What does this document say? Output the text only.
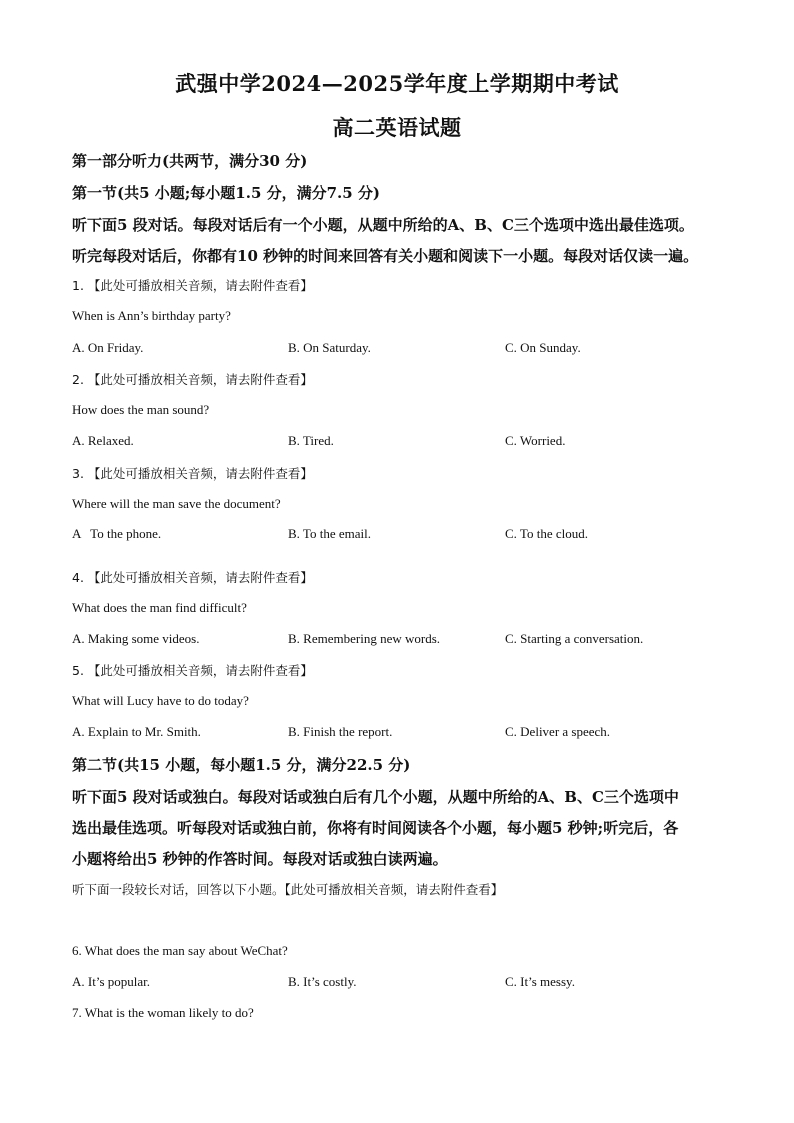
武强中学2024—2025学年度上学期期中考试
高二英语试题
第一部分听力(共两节，满分30 分)
第一节(共5 小题;每小题1.5 分，满分7.5 分)
听下面5 段对话。每段对话后有一个小题，从题中所给的A、B、C三个选项中选出最佳选项。
听完每段对话后，你都有10 秒钟的时间来回答有关小题和阅读下一小题。每段对话仅读一遍。
1. 【此处可播放相关音频，请去附件查看】
When is Ann’s birthday party?
A. On Friday.	B. On Saturday.	C. On Sunday.
2. 【此处可播放相关音频，请去附件查看】
How does the man sound?
A. Relaxed.	B. Tired.	C. Worried.
3. 【此处可播放相关音频，请去附件查看】
Where will the man save the document?
A   To the phone.	B. To the email.	C. To the cloud.
4. 【此处可播放相关音频，请去附件查看】
What does the man find difficult?
A. Making some videos.	B. Remembering new words.	C. Starting a conversation.
5. 【此处可播放相关音频，请去附件查看】
What will Lucy have to do today?
A. Explain to Mr. Smith.	B. Finish the report.	C. Deliver a speech.
第二节(共15 小题，每小题1.5 分，满分22.5 分)
听下面5 段对话或独白。每段对话或独白后有几个小题，从题中所给的A、B、C三个选项中
选出最佳选项。听每段对话或独白前，你将有时间阅读各个小题，每小题5 秒钟;听完后，各
小题将给出5 秒钟的作答时间。每段对话或独白读两遍。
听下面一段较长对话，回答以下小题。【此处可播放相关音频，请去附件查看】
6. What does the man say about WeChat?
A. It’s popular.	B. It’s costly.	C. It’s messy.
7. What is the woman likely to do?
